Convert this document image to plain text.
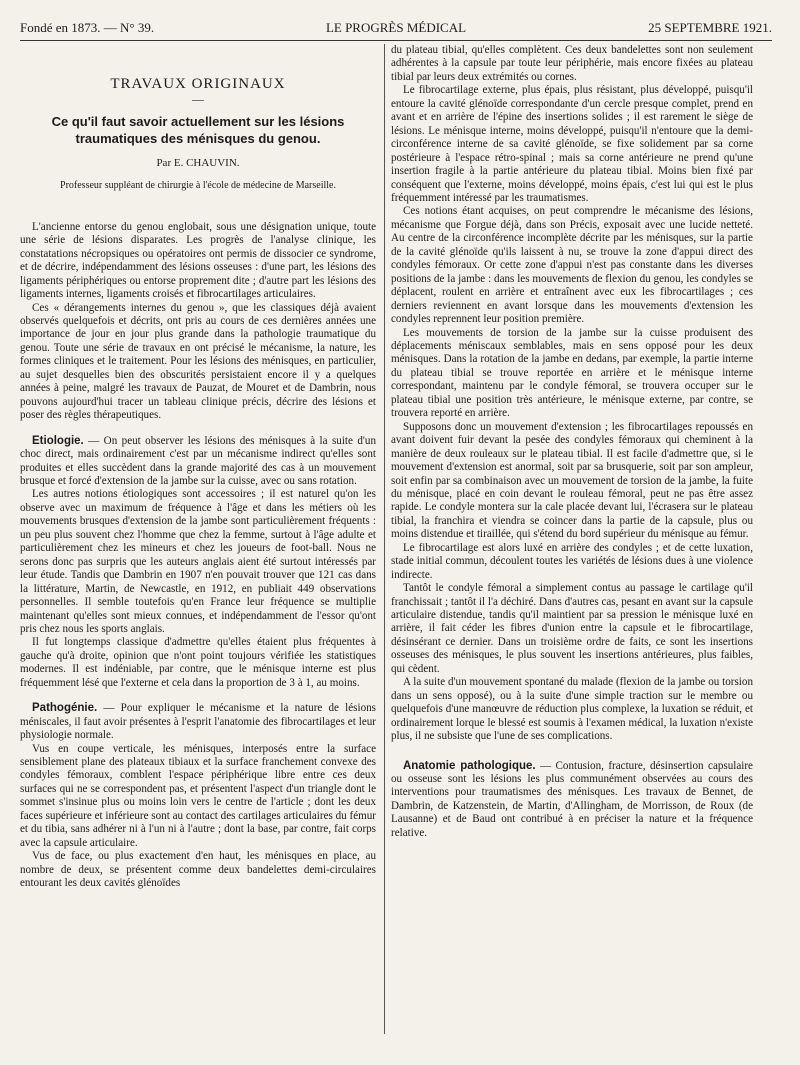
Fondé en 1873. — N° 39.	LE PROGRÈS MÉDICAL	25 SEPTEMBRE 1921.
TRAVAUX ORIGINAUX
—
Ce qu'il faut savoir actuellement sur les lésions traumatiques des ménisques du genou.
Par E. CHAUVIN.
Professeur suppléant de chirurgie à l'école de médecine de Marseille.

L'ancienne entorse du genou englobait, sous une désignation unique, toute une série de lésions disparates. Les progrès de l'analyse clinique, les constatations nécropsiques ou opératoires ont permis de dissocier ce syndrome, et de décrire, indépendamment des lésions osseuses : d'une part, les lésions des ligaments périphériques ou entorse proprement dite ; d'autre part les lésions des ligaments internes, ligaments croisés et fibrocartilages articulaires.

Ces « dérangements internes du genou », que les classiques déjà avaient observés quelquefois et décrits, ont pris au cours de ces dernières années une importance de jour en jour plus grande dans la pathologie traumatique du genou. Toute une série de travaux en ont précisé le mécanisme, la nature, les formes cliniques et le traitement. Pour les lésions des ménisques, en particulier, au sujet desquelles bien des obscurités persistaient encore il y a quelques années à peine, malgré les travaux de Pauzat, de Mouret et de Dambrin, nous pouvons aujourd'hui tracer un tableau clinique précis, décrire des lésions et poser des règles thérapeutiques.

Etiologie. — On peut observer les lésions des ménisques à la suite d'un choc direct, mais ordinairement c'est par un mécanisme indirect qu'elles sont produites et elles succèdent dans la grande majorité des cas à un mouvement brusque et forcé d'extension de la jambe sur la cuisse, avec ou sans rotation.

Les autres notions étiologiques sont accessoires ; il est naturel qu'on les observe avec un maximum de fréquence à l'âge et dans les métiers où les mouvements brusques d'extension de la jambe sont particulièrement fréquents : un peu plus souvent chez l'homme que chez la femme, surtout à l'âge adulte et particulièrement chez les mineurs et chez les joueurs de foot-ball. Nous ne serons donc pas surpris que les auteurs anglais aient été surtout intéressés par leur étude. Tandis que Dambrin en 1907 n'en pouvait trouver que 121 cas dans la littérature, Martin, de Newcastle, en 1912, en publiait 449 observations personnelles. Il semble toutefois qu'en France leur fréquence se multiplie maintenant qu'elles sont mieux connues, et indépendamment de l'essor qu'ont pris chez nous les sports anglais.

Il fut longtemps classique d'admettre qu'elles étaient plus fréquentes à gauche qu'à droite, opinion que n'ont point toujours vérifiée les statistiques modernes. Il est indéniable, par contre, que le ménisque interne est plus fréquemment lésé que l'externe et cela dans la proportion de 3 à 1, au moins.

Pathogénie. — Pour expliquer le mécanisme et la nature de lésions méniscales, il faut avoir présentes à l'esprit l'anatomie des fibrocartilages et leur physiologie normale.

Vus en coupe verticale, les ménisques, interposés entre la surface sensiblement plane des plateaux tibiaux et la surface franchement convexe des condyles fémoraux, comblent l'espace périphérique libre entre ces deux surfaces qui ne se correspondent pas, et présentent l'aspect d'un triangle dont le sommet s'insinue plus ou moins loin vers le centre de l'article ; dont les deux faces supérieure et inférieure sont au contact des cartilages articulaires du fémur et du tibia, sans adhérer ni à l'un ni à l'autre ; dont la base, par contre, fait corps avec la capsule articulaire.

Vus de face, ou plus exactement d'en haut, les ménisques en place, au nombre de deux, se présentent comme deux bandelettes demi-circulaires entourant les deux cavités glénoïdes

du plateau tibial, qu'elles complètent. Ces deux bandelettes sont non seulement adhérentes à la capsule par toute leur périphérie, mais encore fixées au plateau tibial par leurs deux extrémités ou cornes.

Le fibrocartilage externe, plus épais, plus résistant, plus développé, puisqu'il entoure la cavité glénoïde correspondante d'un cercle presque complet, prend en avant et en arrière de l'épine des insertions solides ; il est rarement le siège de lésions. Le ménisque interne, moins développé, puisqu'il n'entoure que la demi-circonférence interne de sa cavité glénoïde, se fixe solidement par sa corne postérieure à l'espace rétro-spinal ; mais sa corne antérieure ne prend qu'une insertion fragile à la partie antérieure du plateau tibial. Moins bien fixé par conséquent que l'externe, moins développé, moins épais, c'est lui qui est le plus fréquemment intéressé par les traumatismes.

Ces notions étant acquises, on peut comprendre le mécanisme des lésions, mécanisme que Forgue déjà, dans son Précis, exposait avec une lucide netteté. Au centre de la circonférence incomplète décrite par les ménisques, sur la partie de la cavité glénoïde qu'ils laissent à nu, se trouve la zone d'appui direct des condyles fémoraux. Or cette zone d'appui n'est pas constante dans les diverses positions de la jambe : dans les mouvements de flexion du genou, les condyles se déplacent, roulent en arrière et entraînent avec eux les fibrocartilages ; ces derniers reviennent en avant lorsque dans les mouvements d'extension les condyles reprennent leur position première.

Les mouvements de torsion de la jambe sur la cuisse produisent des déplacements méniscaux semblables, mais en sens opposé pour les deux ménisques. Dans la rotation de la jambe en dedans, par exemple, la partie interne du plateau tibial se trouve reportée en arrière et le ménisque interne correspondant, maintenu par le condyle fémoral, se trouvera occuper sur le plateau tibial une position très antérieure, le ménisque externe, par contre, se trouvera reporté en arrière.

Supposons donc un mouvement d'extension ; les fibrocartilages repoussés en avant doivent fuir devant la pesée des condyles fémoraux qui cheminent à la manière de deux rouleaux sur le plateau tibial. Il est facile d'admettre que, si le mouvement d'extension est anormal, soit par sa brusquerie, soit par son ampleur, soit enfin par sa combinaison avec un mouvement de torsion de la jambe, la fuite du ménisque, placé en coin devant le rouleau fémoral, peut ne pas être assez rapide. Le condyle montera sur la cale placée devant lui, l'écrasera sur le plateau tibial, la franchira et viendra se coincer dans la partie de la capsule, plus ou moins distendue et tiraillée, qui s'étend du bord supérieur du ménisque au fémur.

Le fibrocartilage est alors luxé en arrière des condyles ; et de cette luxation, stade initial commun, découlent toutes les variétés de lésions dues à une violence indirecte.

Tantôt le condyle fémoral a simplement contus au passage le cartilage qu'il franchissait ; tantôt il l'a déchiré. Dans d'autres cas, pesant en avant sur la capsule articulaire distendue, tandis qu'il maintient par sa pression le ménisque luxé en arrière, il fait céder les fibres d'union entre la capsule et le fibrocartilage, désinsérant ce dernier. Dans un troisième ordre de faits, ce sont les insertions osseuses des ménisques, le plus souvent les insertions antérieures, plus faibles, qui cèdent.

A la suite d'un mouvement spontané du malade (flexion de la jambe ou torsion dans un sens opposé), ou à la suite d'une simple traction sur le membre ou quelquefois d'une manœuvre de réduction plus complexe, la luxation se réduit, et ordinairement lorque le blessé est soumis à l'examen médical, la luxation n'existe plus, il ne subsiste que l'une de ses complications.

Anatomie pathologique. — Contusion, fracture, désinsertion capsulaire ou osseuse sont les lésions les plus communément observées au cours des interventions pour traumatismes des ménisques. Les travaux de Bennet, de Dambrin, de Katzenstein, de Martin, d'Allingham, de Morrisson, de Roux (de Lausanne) et de Baud ont contribué à en préciser la nature et la fréquence relative.
